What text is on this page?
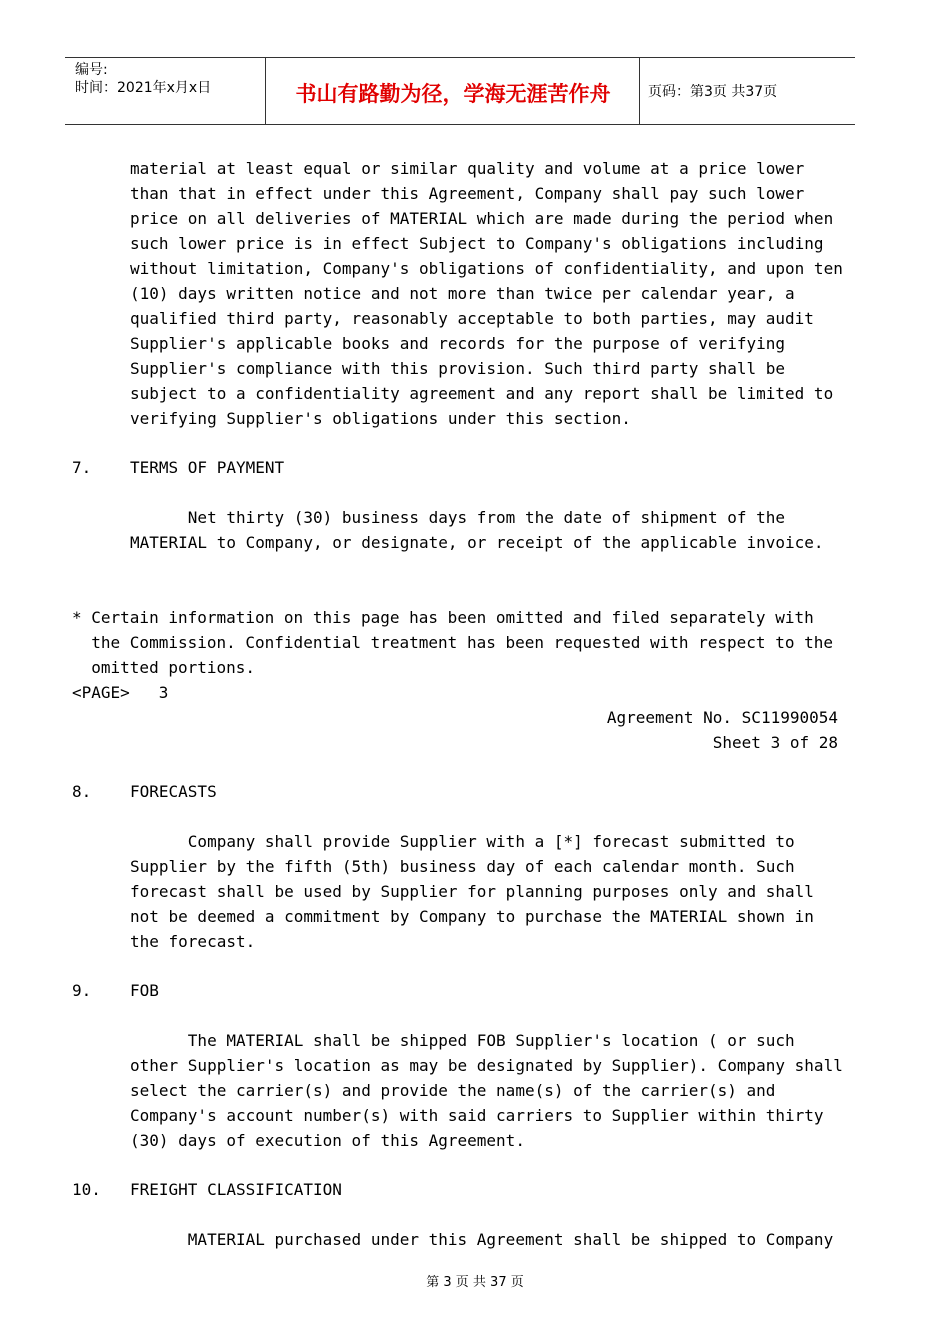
编号:
时间：2021年x月x日	书山有路勤为径，学海无涯苦作舟	页码：第3页 共37页
material at least equal or similar quality and volume at a price lower
than that in effect under this Agreement, Company shall pay such lower
price on all deliveries of MATERIAL which are made during the period when
such lower price is in effect Subject to Company's obligations including
without limitation, Company's obligations of confidentiality, and upon ten
(10) days written notice and not more than twice per calendar year, a
qualified third party, reasonably acceptable to both parties, may audit
Supplier's applicable books and records for the purpose of verifying
Supplier's compliance with this provision. Such third party shall be
subject to a confidentiality agreement and any report shall be limited to
verifying Supplier's obligations under this section.
7. TERMS OF PAYMENT
Net thirty (30) business days from the date of shipment of the
MATERIAL to Company, or designate, or receipt of the applicable invoice.
* Certain information on this page has been omitted and filed separately with
the Commission. Confidential treatment has been requested with respect to the
omitted portions.
<PAGE>   3
Agreement No. SC11990054
Sheet 3 of 28
8. FORECASTS
Company shall provide Supplier with a [*] forecast submitted to
Supplier by the fifth (5th) business day of each calendar month. Such
forecast shall be used by Supplier for planning purposes only and shall
not be deemed a commitment by Company to purchase the MATERIAL shown in
the forecast.
9. FOB
The MATERIAL shall be shipped FOB Supplier's location ( or such
other Supplier's location as may be designated by Supplier). Company shall
select the carrier(s) and provide the name(s) of the carrier(s) and
Company's account number(s) with said carriers to Supplier within thirty
(30) days of execution of this Agreement.
10. FREIGHT CLASSIFICATION
MATERIAL purchased under this Agreement shall be shipped to Company
第 3 页 共 37 页
